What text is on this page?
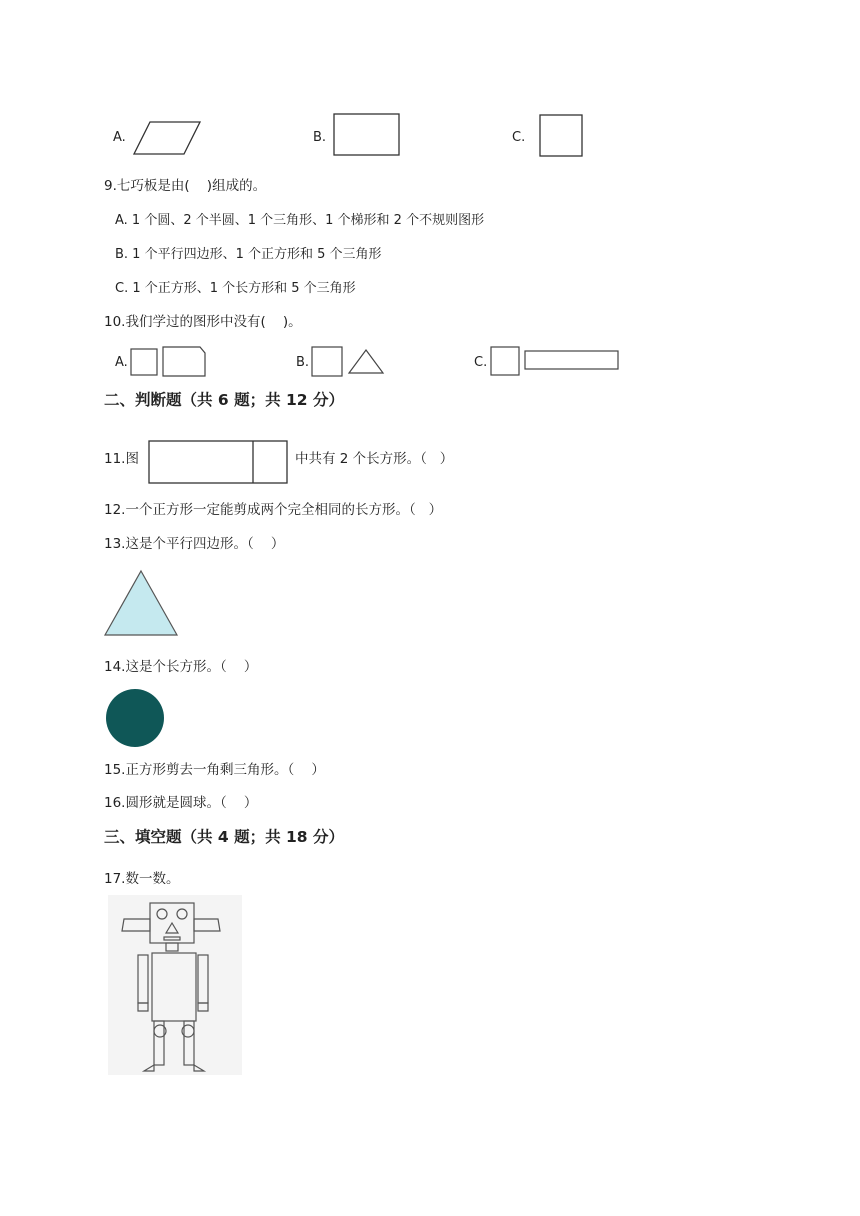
A.	B.	C.
9.七巧板是由(    )组成的。
A. 1 个圆、2 个半圆、1 个三角形、1 个梯形和 2 个不规则图形
B. 1 个平行四边形、1 个正方形和 5 个三角形
C. 1 个正方形、1 个长方形和 5 个三角形
10.我们学过的图形中没有(    )。
A.	B.	C.
二、判断题（共 6 题；共 12 分）
11.图	中共有 2 个长方形。（   ）
12.一个正方形一定能剪成两个完全相同的长方形。（   ）
13.这是个平行四边形。（    ）
14.这是个长方形。（    ）
15.正方形剪去一角剩三角形。（    ）
16.圆形就是圆球。（    ）
三、填空题（共 4 题；共 18 分）
17.数一数。
